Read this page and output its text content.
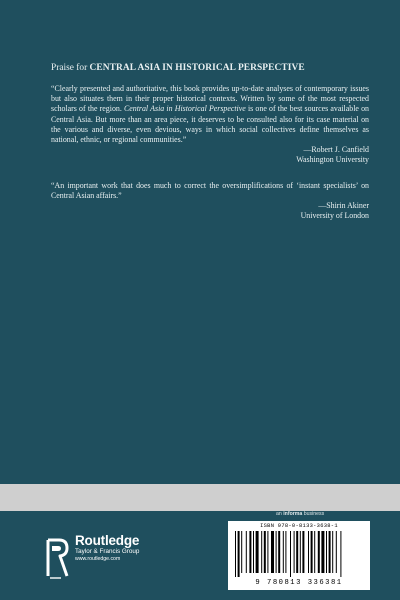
Praise for CENTRAL ASIA IN HISTORICAL PERSPECTIVE

“Clearly presented and authoritative, this book provides up-to-date analyses of contemporary issues but also situates them in their proper historical contexts. Written by some of the most respected scholars of the region. Central Asia in Historical Perspective is one of the best sources available on Central Asia. But more than an area piece, it deserves to be consulted also for its case material on the various and diverse, even devious, ways in which social collectives define themselves as national, ethnic, or regional communities.”

—Robert J. Canfield

Washington University

“An important work that does much to correct the oversimplifications of ‘instant specialists’ on Central Asian affairs.”

—Shirin Akiner

University of London

an informa business
Routledge
Taylor & Francis Group
www.routledge.com
ISBN 978-0-8133-3638-1
9 780813 336381
